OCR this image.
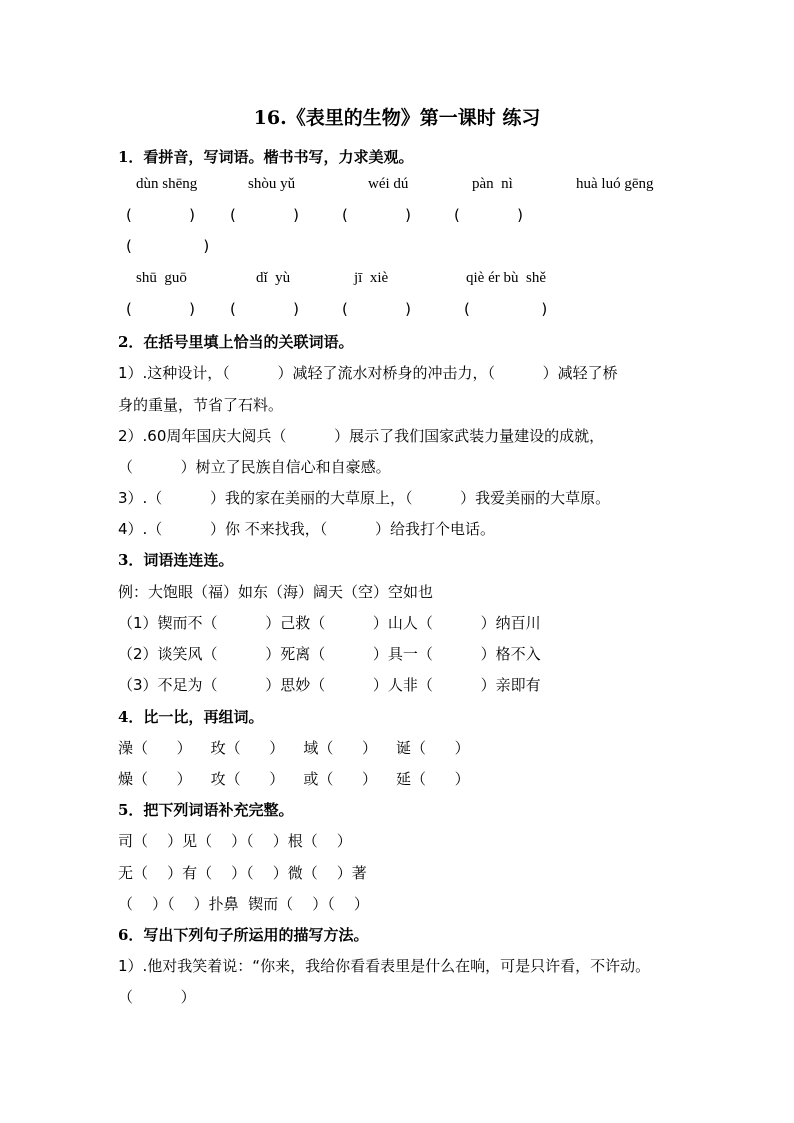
16.《表里的生物》第一课时 练习
1．看拼音，写词语。楷书书写，力求美观。
dùn shēng	shòu yǔ	wéi dú	pàn  nì	huà luó gēng
(            ) (            )	(            )	(            )
(               )
shū  guō	dǐ  yù	jī  xiè	qiè ér bù  shě
(            ) (            )	(            )	(               )
2．在括号里填上恰当的关联词语。
1）.这种设计，（          ）减轻了流水对桥身的冲击力，（          ）减轻了桥
身的重量，节省了石料。
2）.60周年国庆大阅兵（          ）展示了我们国家武装力量建设的成就，
（          ）树立了民族自信心和自豪感。
3）.（          ）我的家在美丽的大草原上，（          ）我爱美丽的大草原。
4）.（          ）你 不来找我，（          ）给我打个电话。
3．词语连连连。
例：大饱眼（福）如东（海）阔天（空）空如也
（1）锲而不（          ）己救（          ）山人（          ）纳百川
（2）谈笑风（          ）死离（          ）具一（          ）格不入
（3）不足为（          ）思妙（          ）人非（          ）亲即有
4．比一比，再组词。
澡（      ）    玫（      ）    域（      ）    诞（      ）
燥（      ）    攻（      ）    或（      ）    延（      ）
5．把下列词语补充完整。
司（    ）见（    ）（    ）根（    ）
无（    ）有（    ）（    ）微（    ）著
（    ）（    ）扑鼻  锲而（    ）（    ）
6．写出下列句子所运用的描写方法。
1）.他对我笑着说：“你来，我给你看看表里是什么在响，可是只许看，不许动。
（          ）
